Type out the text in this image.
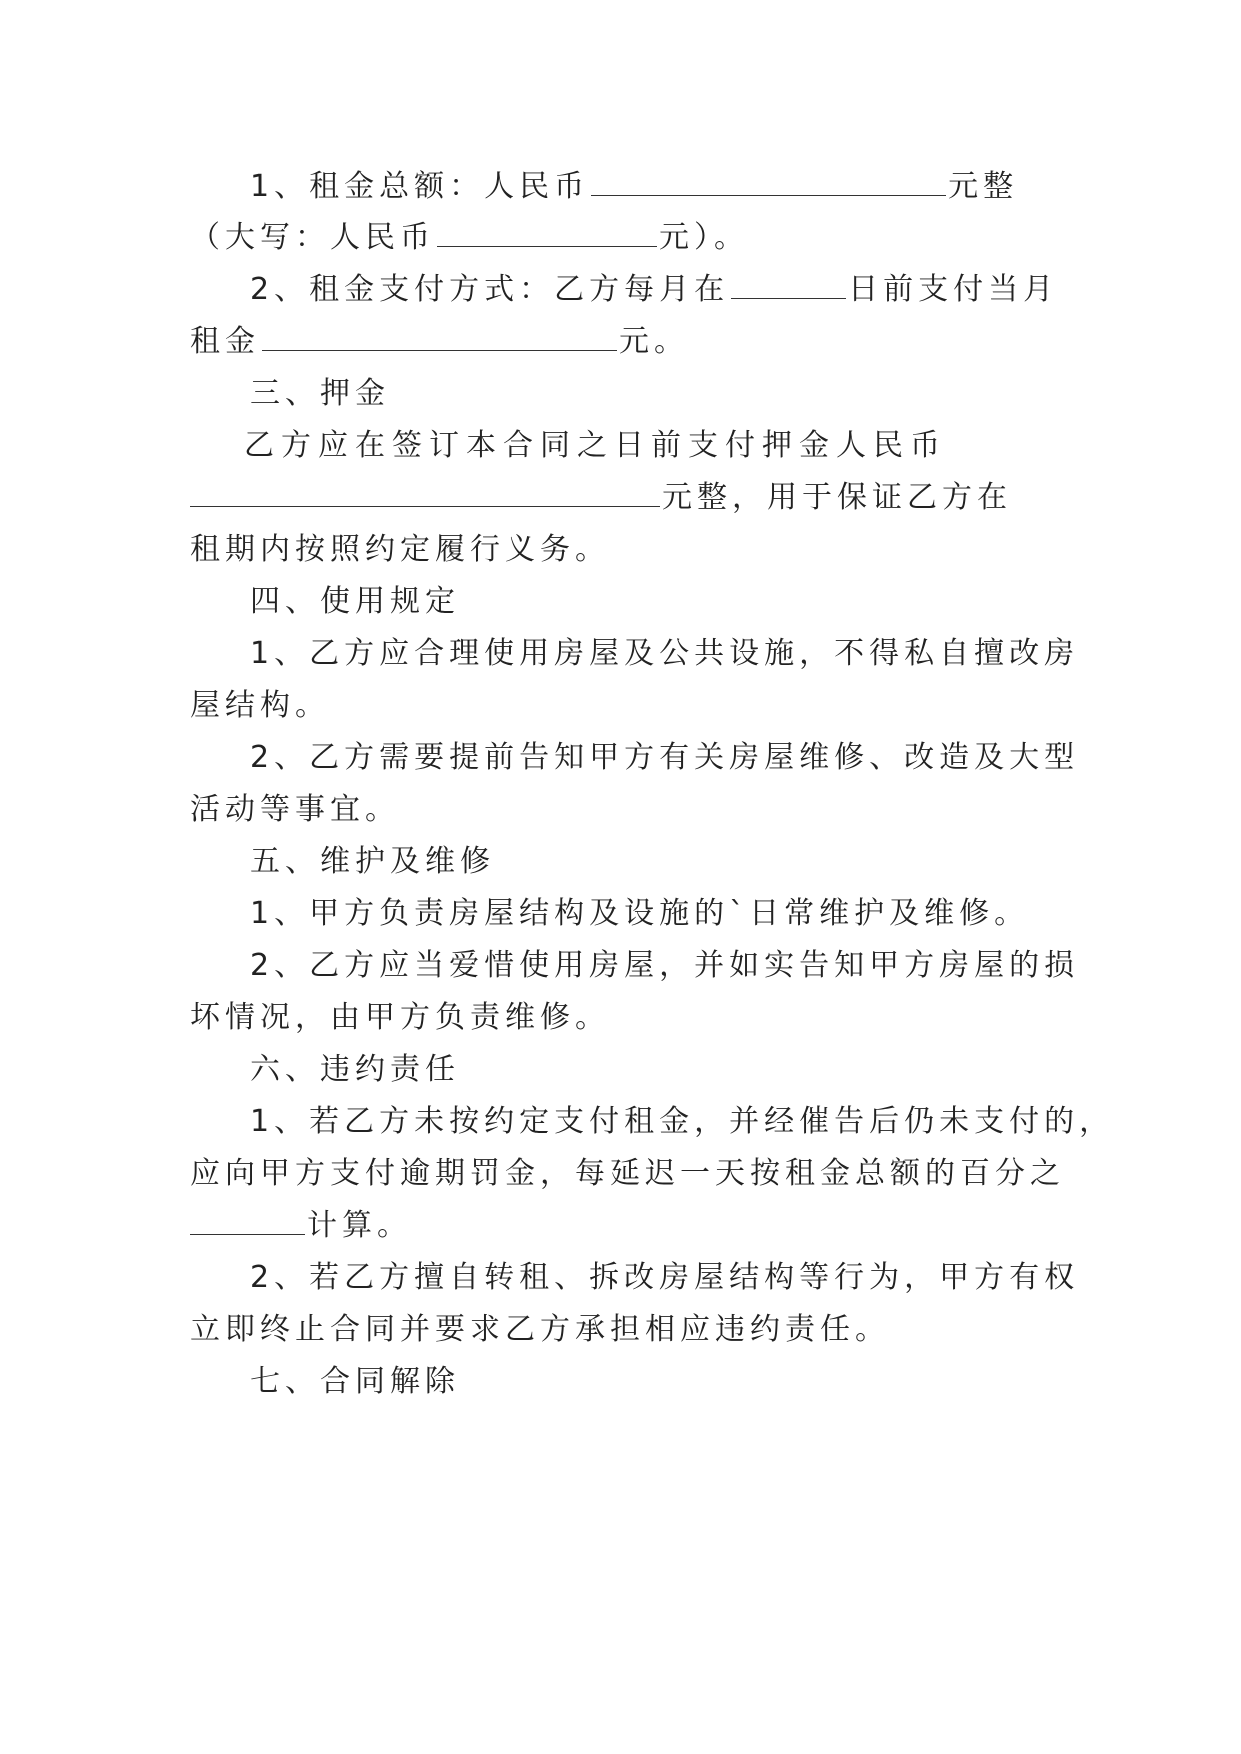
1、租金总额：人民币	元整
（大写：人民币	元）。
2、租金支付方式：乙方每月在	日前支付当月
租金	元。
三、押金
乙 方 应 在 签 订 本 合 同 之 日 前 支 付 押 金 人 民 币
元整，用于保证乙方在
租期内按照约定履行义务。
四、使用规定
1、乙方应合理使用房屋及公共设施，不得私自擅改房
屋结构。
2、乙方需要提前告知甲方有关房屋维修、改造及大型
活动等事宜。
五、维护及维修
1、甲方负责房屋结构及设施的`日常维护及维修。
2、乙方应当爱惜使用房屋，并如实告知甲方房屋的损
坏情况，由甲方负责维修。
六、违约责任
1、若乙方未按约定支付租金，并经催告后仍未支付的，
应向甲方支付逾期罚金，每延迟一天按租金总额的百分之
计算。
2、若乙方擅自转租、拆改房屋结构等行为，甲方有权
立即终止合同并要求乙方承担相应违约责任。
七、合同解除
